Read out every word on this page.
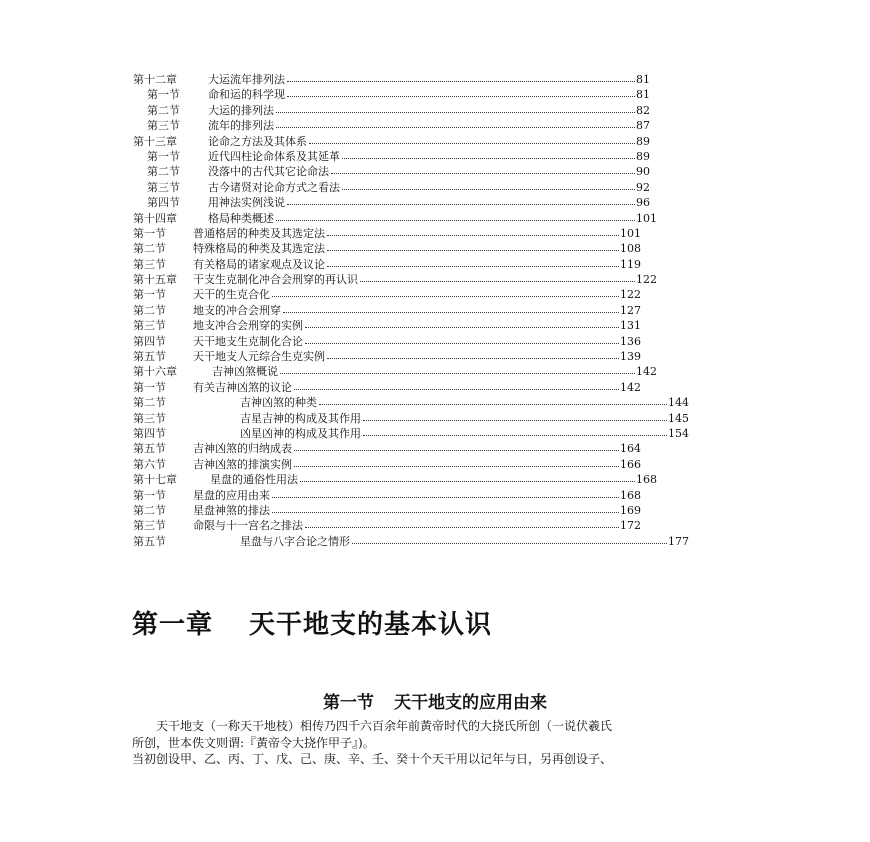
第十二章	大运流年排列法	81
第一节	命和运的科学现	81
第二节	大运的排列法	82
第三节	流年的排列法	87
第十三章	论命之方法及其体系	89
第一节	近代四柱论命体系及其延革	89
第二节	没落中的古代其它论命法	90
第三节	古今诸贤对论命方式之看法	92
第四节	用神法实例浅说	96
第十四章	格局种类概述	101
第一节 普通格居的种类及其选定法	101
第二节 特殊格局的种类及其选定法	108
第三节 有关格局的诸家观点及议论	119
第十五章 干支生克制化冲合会刑穿的再认识	122
第一节 天干的生克合化	122
第二节 地支的冲合会刑穿	127
第三节 地支冲合会刑穿的实例	131
第四节 天干地支生克制化合论	136
第五节 天干地支人元综合生克实例	139
第十六章	吉神凶煞概说	142
第一节 有关吉神凶煞的议论	142
第二节	吉神凶煞的种类	144
第三节	吉星吉神的构成及其作用	145
第四节	凶星凶神的构成及其作用	154
第五节 吉神凶煞的归纳成表	164
第六节 吉神凶煞的排演实例	166
第十七章	星盘的通俗性用法	168
第一节 星盘的应用由来	168
第二节 星盘神煞的排法	169
第三节 命限与十一宫名之排法	172
第五节	星盘与八字合论之情形	177
第一章 天干地支的基本认识
第一节 天干地支的应用由来
天干地支（一称天干地枝）相传乃四千六百余年前黃帝时代的大挠氏所创（一说伏羲氏
所创，世本佚文则谓:『黃帝令大挠作甲子』)。
当初创设甲、乙、丙、丁、戊、己、庚、辛、壬、癸十个天干用以记年与日，另再创设子、
